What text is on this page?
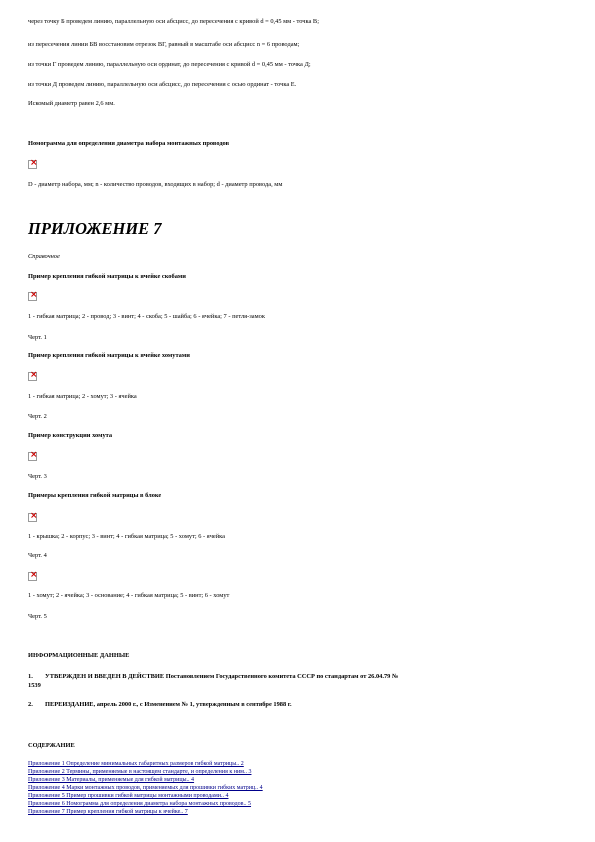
через точку Б проведем линию, параллельную оси абсцисс, до пересечения с кривой d = 0,45 мм - точка В;
из пересечения линии БВ восстановим отрезок ВГ, равный в масштабе оси абсцисс n = 6 проводам;
из точки Г проведем линию, параллельную оси ординат, до пересечения с кривой d = 0,45 мм - точка Д;
из точки Д проведем линию, параллельную оси абсцисс, до пересечения с осью ординат - точка Е.
Искомый диаметр равен 2,6 мм.
Номограмма для определения диаметра набора монтажных проводов
×
D - диаметр набора, мм; n - количество проводов, входящих в набор; d - диаметр провода, мм
ПРИЛОЖЕНИЕ 7
Справочное
Пример крепления гибкой матрицы к ячейке скобами
×
1 - гибкая матрица; 2 - провод; 3 - винт; 4 - скоба; 5 - шайба; 6 - ячейка; 7 - петля-замок
Черт. 1
Пример крепления гибкой матрицы к ячейке хомутами
×
1 - гибкая матрица; 2 - хомут; 3 - ячейка
Черт. 2
Пример конструкции хомута
×
Черт. 3
Примеры крепления гибкой матрицы в блоке
×
1 - крышка; 2 - корпус; 3 - винт; 4 - гибкая матрица; 5 - хомут; 6 - ячейка
Черт. 4
×
1 - хомут; 2 - ячейка; 3 - основание; 4 - гибкая матрица; 5 - винт; 6 - хомут
Черт. 5
ИНФОРМАЦИОННЫЕ ДАННЫЕ
1. УТВЕРЖДЕН И ВВЕДЕН В ДЕЙСТВИЕ Постановлением Государственного комитета СССР по стандартам от 26.04.79 №
1539
2. ПЕРЕИЗДАНИЕ, апрель 2000 г., с Изменением № 1, утвержденным в сентябре 1988 г.
СОДЕРЖАНИЕ
Приложение 1 Определение минимальных габаритных размеров гибкой матрицы.. 2
Приложение 2 Термины, применяемые в настоящем стандарте, и определения к ним.. 3
Приложение 3 Материалы, применяемые для гибкой матрицы.. 4
Приложение 4 Марки монтажных проводов, применяемых для прошивки гибких матриц.. 4
Приложение 5 Пример прошивки гибкой матрицы монтажными проводами.. 4
Приложение 6 Номограмма для определения диаметра набора монтажных проводов.. 5
Приложение 7 Пример крепления гибкой матрицы к ячейке.. 7
